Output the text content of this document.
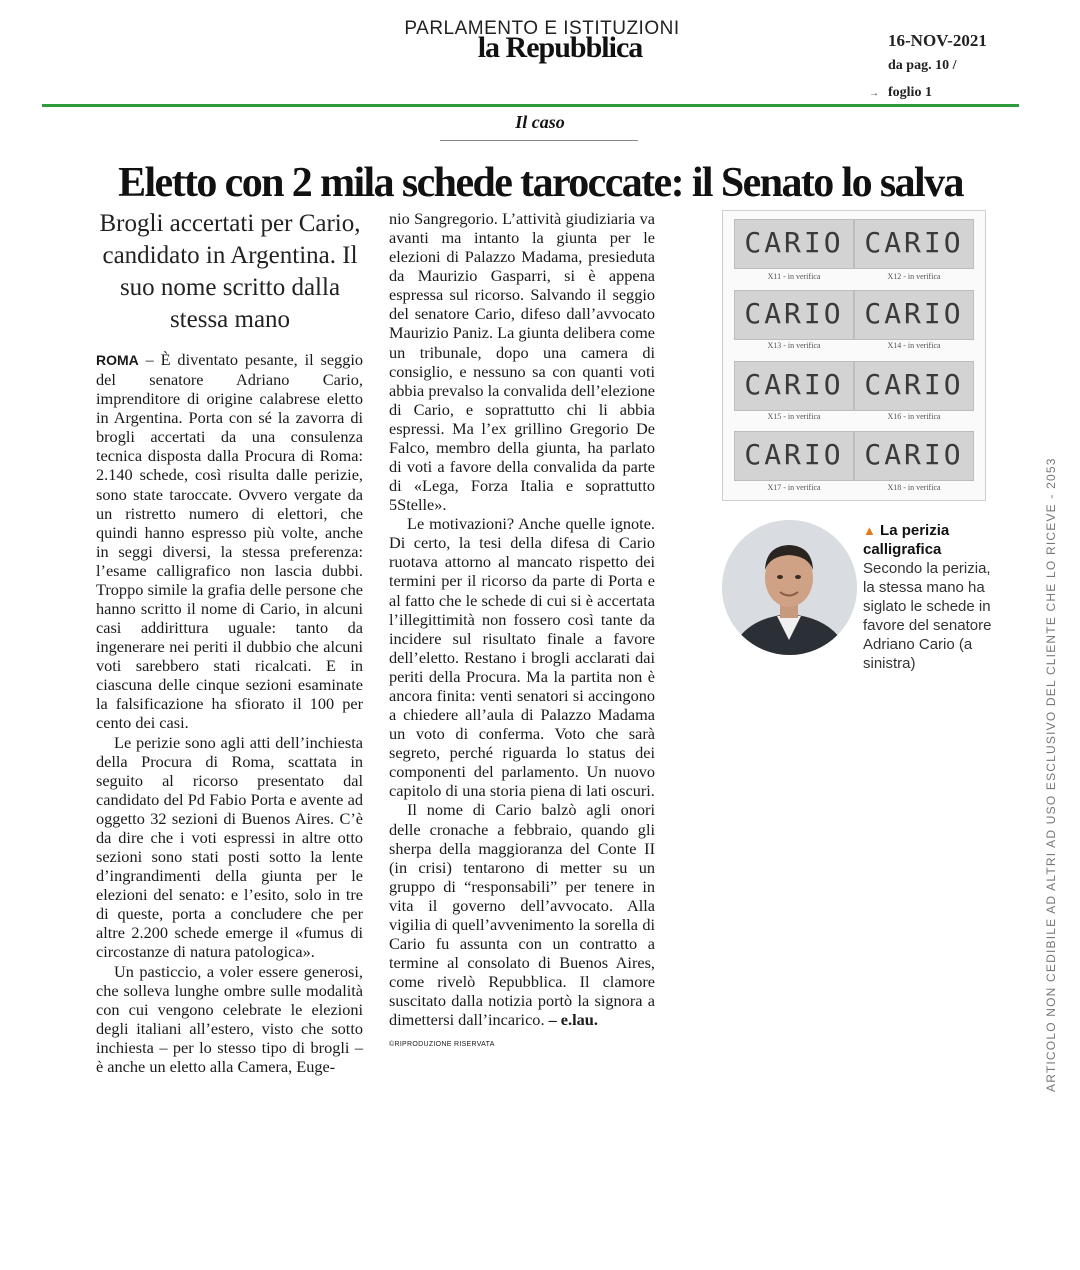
PARLAMENTO E ISTITUZIONI
la Repubblica	16-NOV-2021
da pag. 10 /
→ foglio 1
Il caso
Eletto con 2 mila schede taroccate: il Senato lo salva
Brogli accertati per Cario, candidato in Argentina. Il suo nome scritto dalla stessa mano

ROMA – È diventato pesante, il seggio del senatore Adriano Cario, imprenditore di origine calabrese eletto in Argentina. Porta con sé la zavorra di brogli accertati da una consulenza tecnica disposta dalla Procura di Roma: 2.140 schede, così risulta dalle perizie, sono state taroccate. Ovvero vergate da un ristretto numero di elettori, che quindi hanno espresso più volte, anche in seggi diversi, la stessa preferenza: l’esame calligrafico non lascia dubbi. Troppo simile la grafia delle persone che hanno scritto il nome di Cario, in alcuni casi addirittura uguale: tanto da ingenerare nei periti il dubbio che alcuni voti sarebbero stati ricalcati. E in ciascuna delle cinque sezioni esaminate la falsificazione ha sfiorato il 100 per cento dei casi.

Le perizie sono agli atti dell’inchiesta della Procura di Roma, scattata in seguito al ricorso presentato dal candidato del Pd Fabio Porta e avente ad oggetto 32 sezioni di Buenos Aires. C’è da dire che i voti espressi in altre otto sezioni sono stati posti sotto la lente d’ingrandimenti della giunta per le elezioni del senato: e l’esito, solo in tre di queste, porta a concludere che per altre 2.200 schede emerge il «fumus di circostanze di natura patologica».

Un pasticcio, a voler essere generosi, che solleva lunghe ombre sulle modalità con cui vengono celebrate le elezioni degli italiani all’estero, visto che sotto inchiesta – per lo stesso tipo di brogli – è anche un eletto alla Camera, Euge-

nio Sangregorio. L’attività giudiziaria va avanti ma intanto la giunta per le elezioni di Palazzo Madama, presieduta da Maurizio Gasparri, si è appena espressa sul ricorso. Salvando il seggio del senatore Cario, difeso dall’avvocato Maurizio Paniz. La giunta delibera come un tribunale, dopo una camera di consiglio, e nessuno sa con quanti voti abbia prevalso la convalida dell’elezione di Cario, e soprattutto chi li abbia espressi. Ma l’ex grillino Gregorio De Falco, membro della giunta, ha parlato di voti a favore della convalida da parte di «Lega, Forza Italia e soprattutto 5Stelle».

Le motivazioni? Anche quelle ignote. Di certo, la tesi della difesa di Cario ruotava attorno al mancato rispetto dei termini per il ricorso da parte di Porta e al fatto che le schede di cui si è accertata l’illegittimità non fossero così tante da incidere sul risultato finale a favore dell’eletto. Restano i brogli acclarati dai periti della Procura. Ma la partita non è ancora finita: venti senatori si accingono a chiedere all’aula di Palazzo Madama un voto di conferma. Voto che sarà segreto, perché riguarda lo status dei componenti del parlamento. Un nuovo capitolo di una storia piena di lati oscuri.

Il nome di Cario balzò agli onori delle cronache a febbraio, quando gli sherpa della maggioranza del Conte II (in crisi) tentarono di metter su un gruppo di “responsabili” per tenere in vita il governo dell’avvocato. Alla vigilia di quell’avvenimento la sorella di Cario fu assunta con un contratto a termine al consolato di Buenos Aires, come rivelò Repubblica. Il clamore suscitato dalla notizia portò la signora a dimettersi dall’incarico. – e.lau.

©RIPRODUZIONE RISERVATA
CARIO CARIO
X11 - in verifica	X12 - in verifica
CARIO CARIO
X13 - in verifica	X14 - in verifica
CARIO CARIO
X15 - in verifica	X16 - in verifica
CARIO CARIO
X17 - in verifica	X18 - in verifica
▲ La perizia calligrafica
Secondo la perizia, la stessa mano ha siglato le schede in favore del senatore Adriano Cario (a sinistra)	ARTICOLO NON CEDIBILE AD ALTRI AD USO ESCLUSIVO DEL CLIENTE CHE LO RICEVE - 2053
